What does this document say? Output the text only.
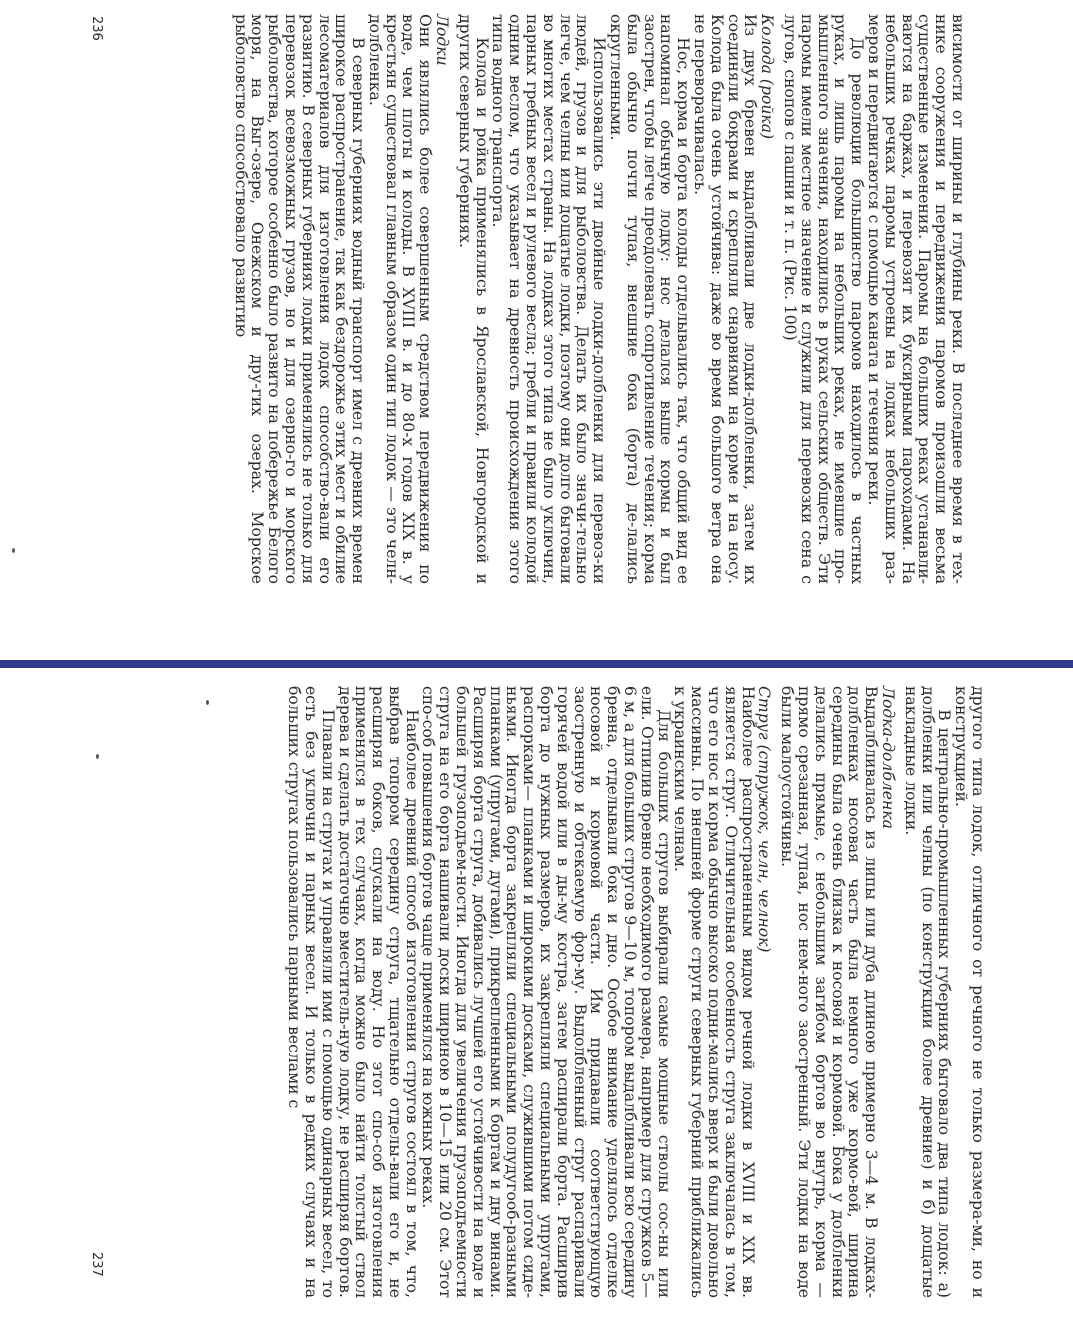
висимости от ширины и глубины реки. В последнее время в тех-нике сооружения и передвижения паромов произошли весьма существенные изменения. Паромы на больших реках устанавли-ваются на баржах, и перевозят их буксирными пароходами. На небольших речках паромы устроены на лодках небольших раз-меров и передвигаются с помощью каната и течения реки.

До революции большинство паромов находилось в частных руках, и лишь паромы на небольших реках, не имевшие про-мышленного значения, находились в руках сельских обществ. Эти паромы имели местное значение и служили для перевозки сена с лугов, снопов с пашни и т. п. (Рис. 100)

Колода (ройка)

Из двух бревен выдалбливали две лодки-долбленки, затем их соединяли бокрами и скрепляли снарвиями на корме и на носу. Колода была очень устойчива: даже во время большого ветра она не переворачивалась.

Нос, корма и борта колоды отделывались так, что общий вид ее напоминал обычную лодку: нос делался выше кормы и был заострен, чтобы легче преодолевать сопротивление течения; корма была обычно почти тупая, внешние бока (борта) де-лались округленными.

Использовались эти двойные лодки-долбленки для перевоз-ки людей, грузов и для рыболовства. Делать их было значи-тельно легче, чем челны или дощатые лодки, поэтому они долго бытовали во многих местах страны. На лодках этого типа не было уключин, парных гребных весел и рулевого весла; гребли и правили колодой одним веслом, что указывает на древность происхождения этого типа водного транспорта.

Колода и ройка применялись в Ярославской, Новгородской и других северных губерниях.

Лодки

Они являлись более совершенным средством передвижения по воде, чем плоты и колоды. В XVIII в. и до 80-х годов XIX в. у крестьян существовал главным образом один тип лодок — это челн-долбленка.

В северных губерниях водный транспорт имел с древних времен широкое распространение, так как бездорожье этих мест и обилие лесоматериалов для изготовления лодок способство-вали его развитию. В северных губерниях лодки применялись не только для перевозок всевозможных грузов, но и для озерно-го и морского рыболовства, которое особенно было развито на побережье Белого моря, на Выг-озере, Онежском и дру-гих озерах. Морское рыболовство способствовало развитию

236

другого типа лодок, отличного от речного не только размера-ми, но и конструкцией.

В центрально-промышленных губерниях бытовало два типа лодок: а) долбленки или челны (по конструкции более древние) и б) дощатые накладные лодки.

Лодка-долбленка

Выдалбливалась из липы или дуба длиною примерно 3—4 м. В лодках-долбленках носовая часть была немного уже кормо-вой, ширина середины была очень близка к носовой и кормовой. Бока у долбленки делались прямые, с небольшим загибом бортов во внутрь, корма — прямо срезанная, тупая, нос нем-ного заостренный. Эти лодки на воде были малоустойчивы.

Струг (стружок, челн, челнок)

Наиболее распространенным видом речной лодки в XVIII и XIX вв. является струг. Отличительная особенность струга заключалась в том, что его нос и корма обычно высоко подни-мались вверх и были довольно массивны. По внешней форме струги северных губерний приближались к украинским челнам.

Для больших стругов выбирали самые мощные стволы сос-ны или ели. Отпилив бревно необходимого размера, например для стружков 5—6 м, а для больших стругов 9—10 м, топором выдалбливали всю середину бревна, отделывали бока и дно. Особое внимание уделялось отделке носовой и кормовой части. Им придавали соответствующую заостренную и обтекаемую фор-му. Выдолбленный струг распаривали горячей водой или в ды-му костра, затем распирали борта. Расширив борта до нужных размеров, их закрепляли специальными упругами, распорками— планками и широкими досками, служившими потом сиде-ньями. Иногда борта закрепляли специальными полудугооб-разными планками (упругами, дугами), прикрепленными к бортам и дну винами. Расширяя борта струга, добивались лучшей его устойчивости на воде и большей грузоподъем-ности. Иногда для увеличения грузоподъемности струга на его борта нашивали доски шириною в 10—15 или 20 см. Этот спо-соб повышения бортов чаще применялся на южных реках.

Наиболее древний способ изготовления стругов состоял в том, что, выбрав топором середину струга, тщательно отделы-вали его и, не расширяя боков, спускали на воду. Но этот спо-соб изготовления применялся в тех случаях, когда можно было найти толстый ствол дерева и сделать достаточно вместитель-ную лодку, не расширяя бортов.

Плавали на стругах и управляли ими с помощью одинарных весел, то есть без уключин и парных весел. И только в редких случаях и на больших стругах пользовались парными веслами с

237
